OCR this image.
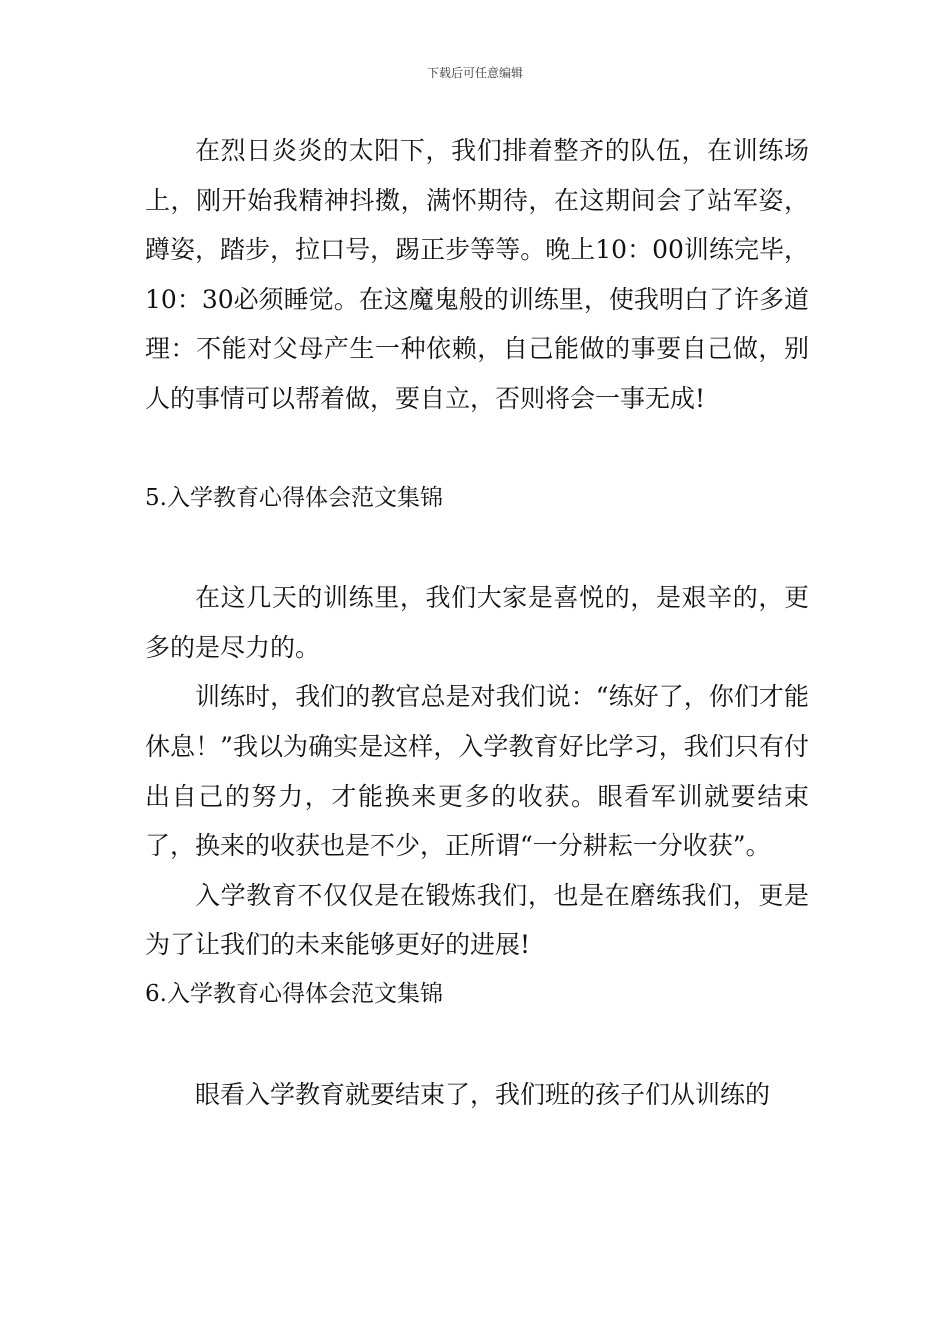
下载后可任意编辑

在烈日炎炎的太阳下，我们排着整齐的队伍，在训练场上，刚开始我精神抖擞，满怀期待，在这期间会了站军姿，蹲姿，踏步，拉口号，踢正步等等。晚上10：00训练完毕，10：30必须睡觉。在这魔鬼般的训练里，使我明白了许多道理：不能对父母产生一种依赖，自己能做的事要自己做，别人的事情可以帮着做，要自立，否则将会一事无成!

5.入学教育心得体会范文集锦

在这几天的训练里，我们大家是喜悦的，是艰辛的，更多的是尽力的。

训练时，我们的教官总是对我们说：“练好了，你们才能休息！”我以为确实是这样，入学教育好比学习，我们只有付出自己的努力，才能换来更多的收获。眼看军训就要结束了，换来的收获也是不少，正所谓“一分耕耘一分收获”。

入学教育不仅仅是在锻炼我们，也是在磨练我们，更是为了让我们的未来能够更好的进展!

6.入学教育心得体会范文集锦

眼看入学教育就要结束了，我们班的孩子们从训练的
